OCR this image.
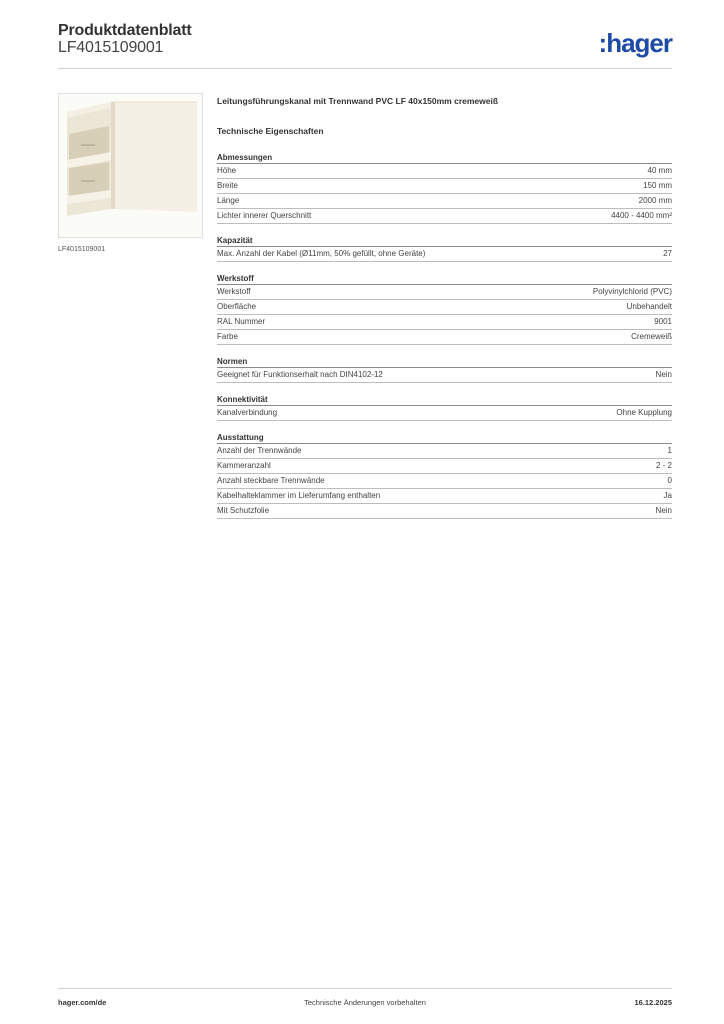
Produktdatenblatt
LF4015109001	:hager
LF4015109001
Leitungsführungskanal mit Trennwand PVC LF 40x150mm cremeweiß
Technische Eigenschaften
Abmessungen
Höhe	40 mm
Breite	150 mm
Länge	2000 mm
Lichter innerer Querschnitt	4400 - 4400 mm²
Kapazität
Max. Anzahl der Kabel (Ø11mm, 50% gefüllt, ohne Geräte)	27
Werkstoff
Werkstoff	Polyvinylchlorid (PVC)
Oberfläche	Unbehandelt
RAL Nummer	9001
Farbe	Cremeweiß
Normen
Geeignet für Funktionserhalt nach DIN4102-12	Nein
Konnektivität
Kanalverbindung	Ohne Kupplung
Ausstattung
Anzahl der Trennwände	1
Kammeranzahl	2 - 2
Anzahl steckbare Trennwände	0
Kabelhalteklammer im Lieferumfang enthalten	Ja
Mit Schutzfolie	Nein
hager.com/de	Technische Änderungen vorbehalten	16.12.2025
